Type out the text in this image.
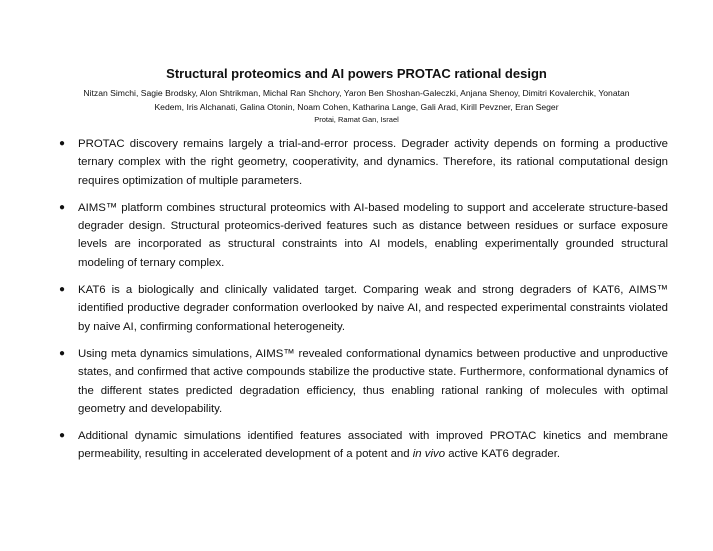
Structural proteomics and AI powers PROTAC rational design
Nitzan Simchi, Sagie Brodsky, Alon Shtrikman, Michal Ran Shchory, Yaron Ben Shoshan-Galeczki, Anjana Shenoy, Dimitri Kovalerchik, Yonatan
Kedem, Iris Alchanati, Galina Otonin, Noam Cohen, Katharina Lange, Gali Arad, Kirill Pevzner, Eran Seger
Protai, Ramat Gan, Israel
● PROTAC discovery remains largely a trial-and-error process. Degrader activity depends on forming a productive ternary complex with the right geometry, cooperativity, and dynamics. Therefore, its rational computational design requires optimization of multiple parameters.
● AIMS™ platform combines structural proteomics with AI-based modeling to support and accelerate structure-based degrader design. Structural proteomics-derived features such as distance between residues or surface exposure levels are incorporated as structural constraints into AI models, enabling experimentally grounded structural modeling of ternary complex.
● KAT6 is a biologically and clinically validated target. Comparing weak and strong degraders of KAT6, AIMS™ identified productive degrader conformation overlooked by naive AI, and respected experimental constraints violated by naive AI, confirming conformational heterogeneity.
● Using meta dynamics simulations, AIMS™ revealed conformational dynamics between productive and unproductive states, and confirmed that active compounds stabilize the productive state. Furthermore, conformational dynamics of the different states predicted degradation efficiency, thus enabling rational ranking of molecules with optimal geometry and developability.
● Additional dynamic simulations identified features associated with improved PROTAC kinetics and membrane permeability, resulting in accelerated development of a potent and in vivo active KAT6 degrader.
